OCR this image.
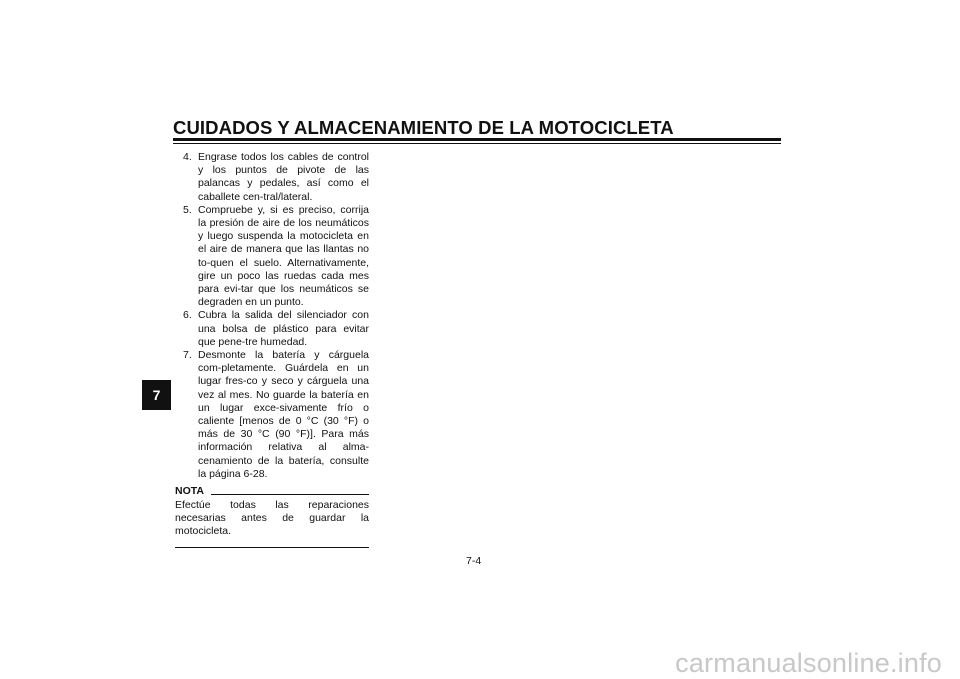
CUIDADOS Y ALMACENAMIENTO DE LA MOTOCICLETA
7
4. Engrase todos los cables de control y los puntos de pivote de las palancas y pedales, así como el caballete cen-tral/lateral.
5. Compruebe y, si es preciso, corrija la presión de aire de los neumáticos y luego suspenda la motocicleta en el aire de manera que las llantas no to-quen el suelo. Alternativamente, gire un poco las ruedas cada mes para evi-tar que los neumáticos se degraden en un punto.
6. Cubra la salida del silenciador con una bolsa de plástico para evitar que pene-tre humedad.
7. Desmonte la batería y cárguela com-pletamente. Guárdela en un lugar fres-co y seco y cárguela una vez al mes. No guarde la batería en un lugar exce-sivamente frío o caliente [menos de 0 °C (30 °F) o más de 30 °C (90 °F)]. Para más información relativa al alma-cenamiento de la batería, consulte la página 6-28.
NOTA
Efectúe todas las reparaciones necesarias antes de guardar la motocicleta.
7-4
carmanualsonline.info
